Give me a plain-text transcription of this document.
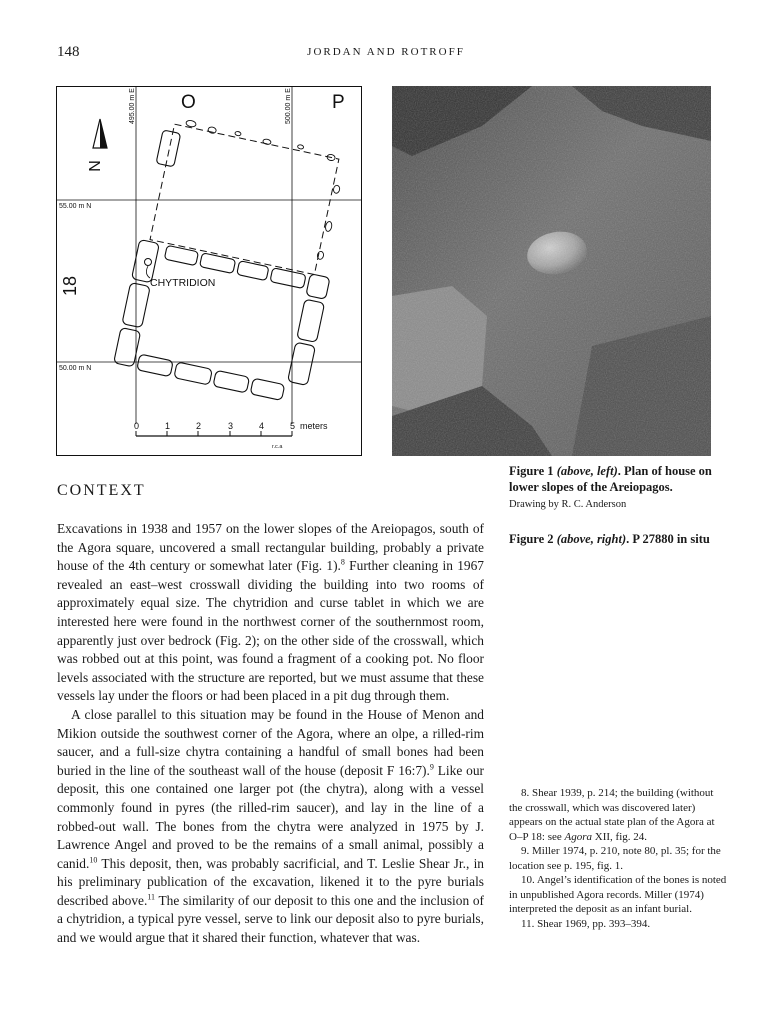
148	JORDAN AND ROTROFF
O	P
495.00 m E	500.00 m E
55.00 m N
50.00 m N
18
N
CHYTRIDION
0	1	2	3	4	5 meters
r.c.a
Figure 1 (above, left). Plan of house on lower slopes of the Areiopagos.
Drawing by R. C. Anderson
Figure 2 (above, right). P 27880 in situ
CONTEXT

Excavations in 1938 and 1957 on the lower slopes of the Areiopagos, south of the Agora square, uncovered a small rectangular building, probably a private house of the 4th century or somewhat later (Fig. 1).$^8$ Further cleaning in 1967 revealed an east–west crosswall dividing the building into two rooms of approximately equal size. The chytridion and curse tablet in which we are interested here were found in the northwest corner of the southernmost room, apparently just over bedrock (Fig. 2); on the other side of the crosswall, which was robbed out at this point, was found a fragment of a cooking pot. No floor levels associated with the structure are reported, but we must assume that these vessels lay under the floors or had been placed in a pit dug through them.

A close parallel to this situation may be found in the House of Menon and Mikion outside the southwest corner of the Agora, where an olpe, a rilled-rim saucer, and a full-size chytra containing a handful of small bones had been buried in the line of the southeast wall of the house (deposit F 16:7).$^9$ Like our deposit, this one contained one larger pot (the chytra), along with a vessel commonly found in pyres (the rilled-rim saucer), and lay in the line of a robbed-out wall. The bones from the chytra were analyzed in 1975 by J. Lawrence Angel and proved to be the remains of a small animal, possibly a canid.$^{10}$ This deposit, then, was probably sacrificial, and T. Leslie Shear Jr., in his preliminary publication of the excavation, likened it to the pyre burials described above.$^{11}$ The similarity of our deposit to this one and the inclusion of a chytridion, a typical pyre vessel, serve to link our deposit also to pyre burials, and we would argue that it shared their function, whatever that was.

8. Shear 1939, p. 214; the building (without the crosswall, which was discovered later) appears on the actual state plan of the Agora at O–P 18: see Agora XII, fig. 24.

9. Miller 1974, p. 210, note 80, pl. 35; for the location see p. 195, fig. 1.

10. Angel’s identification of the bones is noted in unpublished Agora records. Miller (1974) interpreted the deposit as an infant burial.

11. Shear 1969, pp. 393–394.
